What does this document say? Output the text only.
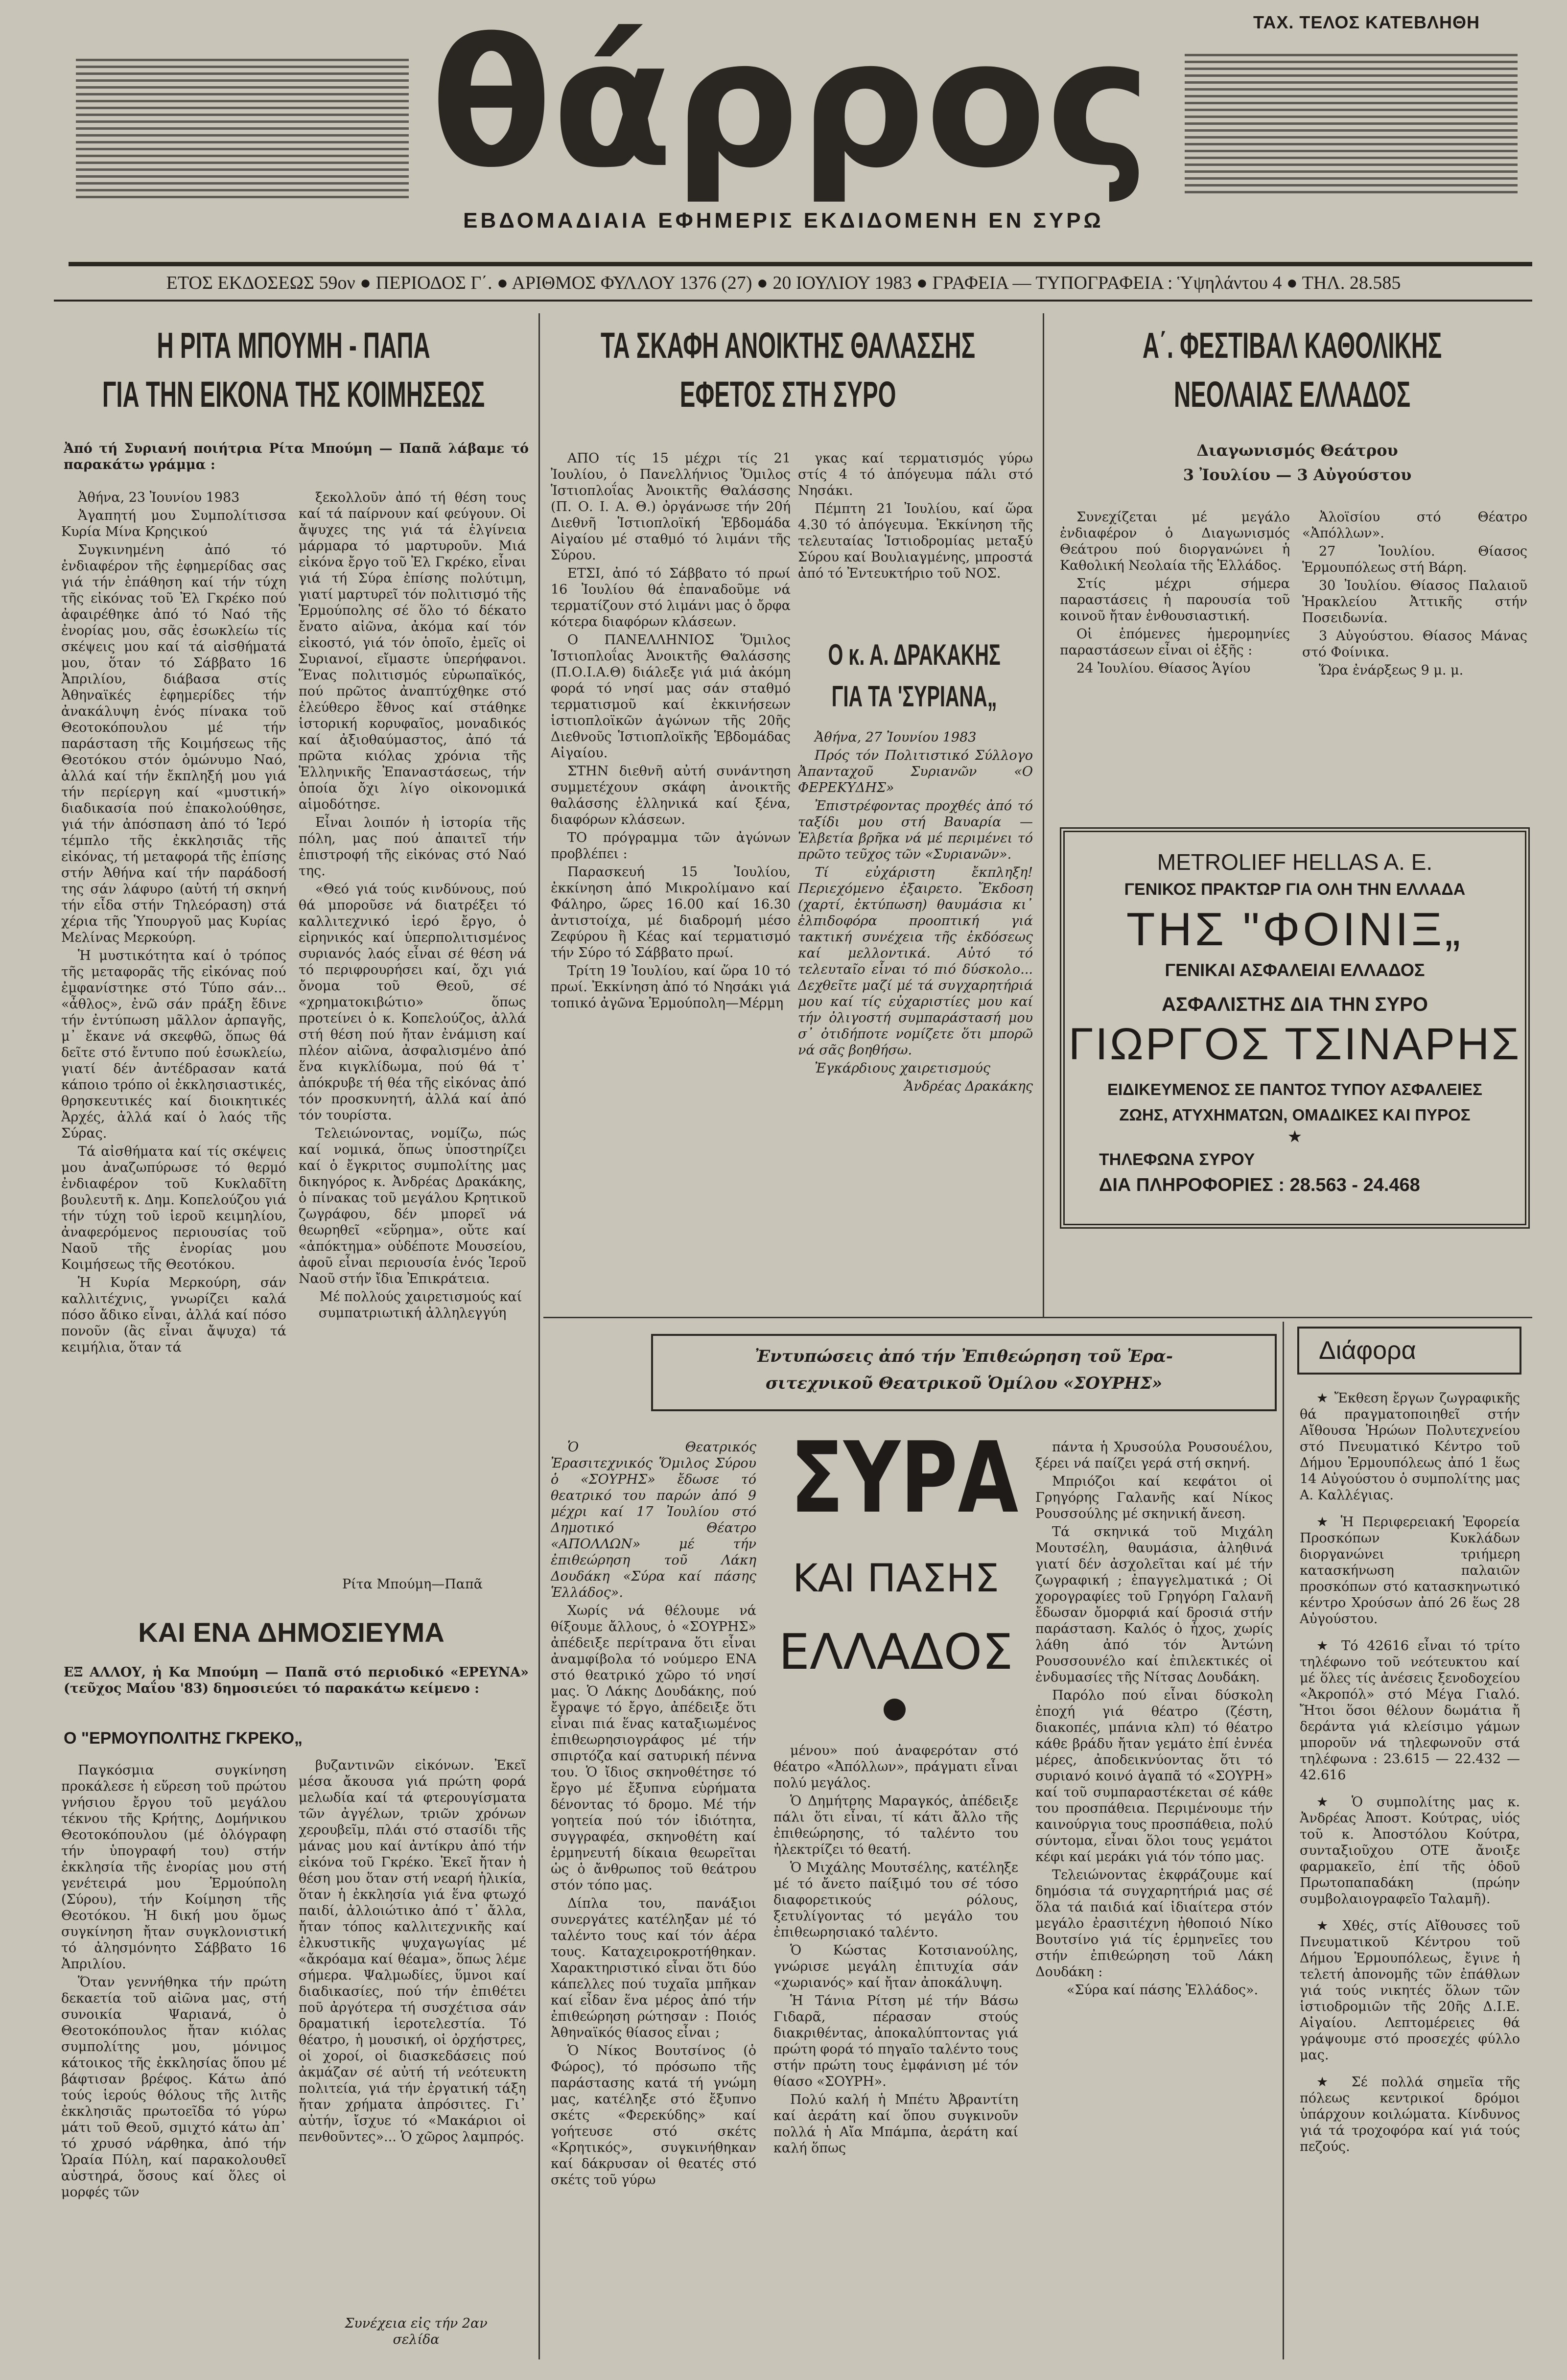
ΤΑΧ. ΤΕΛΟΣ ΚΑΤΕΒΛΗΘΗ
θάρρος
ΕΒΔΟΜΑΔΙΑΙΑ ΕΦΗΜΕΡΙΣ ΕΚΔΙΔΟΜΕΝΗ ΕΝ ΣΥΡΩ
ΕΤΟΣ ΕΚΔΟΣΕΩΣ 59ον ● ΠΕΡΙΟΔΟΣ Γ΄. ● ΑΡΙΘΜΟΣ ΦΥΛΛΟΥ 1376 (27) ● 20 ΙΟΥΛΙΟΥ 1983 ● ΓΡΑΦΕΙΑ — ΤΥΠΟΓΡΑΦΕΙΑ : Ὑψηλάντου 4 ● ΤΗΛ. 28.585
Η ΡΙΤΑ ΜΠΟΥΜΗ - ΠΑΠΑ
ΓΙΑ ΤΗΝ ΕΙΚΟΝΑ ΤΗΣ ΚΟΙΜΗΣΕΩΣ
Ἀπό τή Συριανή ποιήτρια Ρίτα Μπούμη — Παπᾶ λάβαμε τό παρακάτω γράμμα :

Ἀθήνα, 23 Ἰουνίου 1983

Ἀγαπητή μου Συμπολίτισσα Κυρία Μίνα Κρηςικού

Συγκινημένη ἀπό τό ἐνδιαφέρον τῆς ἐφημερίδας σας γιά τήν ἐπάθηση καί τήν τύχη τῆς εἰκόνας τοῦ Ἐλ Γκρέκο πού ἀφαιρέθηκε ἀπό τό Ναό τῆς ἐνορίας μου, σᾶς ἐσωκλείω τίς σκέψεις μου καί τά αἰσθήματά μου, ὅταν τό Σάββατο 16 Ἀπριλίου, διάβασα στίς Ἀθηναϊκές ἐφημερίδες τήν ἀνακάλυψη ἑνός πίνακα τοῦ Θεοτοκόπουλου μέ τήν παράσταση τῆς Κοιμήσεως τῆς Θεοτόκου στόν ὁμώνυμο Ναό, ἀλλά καί τήν ἔκπληξή μου γιά τήν περίεργη καί «μυστική» διαδικασία πού ἐπακολούθησε, γιά τήν ἀπόσπαση ἀπό τό Ἱερό τέμπλο τῆς ἐκκλησιᾶς τῆς εἰκόνας, τή μεταφορά τῆς ἐπίσης στήν Ἀθήνα καί τήν παράδοσή της σάν λάφυρο (αὐτή τή σκηνή τήν εἶδα στήν Τηλεόραση) στά χέρια τῆς Ὑπουργοῦ μας Κυρίας Μελίνας Μερκούρη.

Ἡ μυστικότητα καί ὁ τρόπος τῆς μεταφορᾶς τῆς εἰκόνας πού ἐμφανίστηκε στό Τύπο σάν... «ἆθλος», ἐνῶ σάν πράξη ἔδινε τήν ἐντύπωση μᾶλλον ἁρπαγῆς, μ᾽ ἔκανε νά σκεφθῶ, ὅπως θά δεῖτε στό ἔντυπο πού ἐσωκλείω, γιατί δέν ἀντέδρασαν κατά κάποιο τρόπο οἱ ἐκκλησιαστικές, θρησκευτικές καί διοικητικές Ἀρχές, ἀλλά καί ὁ λαός τῆς Σύρας.

Τά αἰσθήματα καί τίς σκέψεις μου ἀναζωπύρωσε τό θερμό ἐνδιαφέρον τοῦ Κυκλαδῖτη βουλευτῆ κ. Δημ. Κοπελούζου γιά τήν τύχη τοῦ ἱεροῦ κειμηλίου, ἀναφερόμενος περιουσίας τοῦ Ναοῦ τῆς ἐνορίας μου Κοιμήσεως τῆς Θεοτόκου.

Ἡ Κυρία Μερκούρη, σάν καλλιτέχνις, γνωρίζει καλά πόσο ἄδικο εἶναι, ἀλλά καί πόσο πονοῦν (ἂς εἶναι ἄψυχα) τά κειμήλια, ὅταν τά

ξεκολλοῦν ἀπό τή θέση τους καί τά παίρνουν καί φεύγουν. Οἱ ἄψυχες της γιά τά ἐλγίνεια μάρμαρα τό μαρτυροῦν. Μιά εἰκόνα ἔργο τοῦ Ἐλ Γκρέκο, εἶναι γιά τή Σύρα ἐπίσης πολύτιμη, γιατί μαρτυρεῖ τόν πολιτισμό τῆς Ἑρμούπολης σέ ὅλο τό δέκατο ἔνατο αἰῶνα, ἀκόμα καί τόν εἰκοστό, γιά τόν ὁποῖο, ἐμεῖς οἱ Συριανοί, εἴμαστε ὑπερήφανοι. Ἕνας πολιτισμός εὐρωπαϊκός, πού πρῶτος ἀναπτύχθηκε στό ἐλεύθερο ἔθνος καί στάθηκε ἱστορική κορυφαῖος, μοναδικός καί ἀξιοθαύμαστος, ἀπό τά πρῶτα κιόλας χρόνια τῆς Ἑλληνικῆς Ἐπαναστάσεως, τήν ὁποία ὄχι λίγο οἰκονομικά αἱμοδότησε.

Εἶναι λοιπόν ἡ ἱστορία τῆς πόλη, μας πού ἀπαιτεῖ τήν ἐπιστροφή τῆς εἰκόνας στό Ναό της.

«Θεό γιά τούς κινδύνους, πού θά μποροῦσε νά διατρέξει τό καλλιτεχνικό ἱερό ἔργο, ὁ εἰρηνικός καί ὑπερπολιτισμένος συριανός λαός εἶναι σέ θέση νά τό περιφρουρήσει καί, ὄχι γιά ὄνομα τοῦ Θεοῦ, σέ «χρηματοκιβώτιο» ὅπως προτείνει ὁ κ. Κοπελούζος, ἀλλά στή θέση πού ἤταν ἐνάμιση καί πλέον αἰῶνα, ἀσφαλισμένο ἀπό ἕνα κιγκλίδωμα, πού θά τ᾽ ἀπόκρυβε τή θέα τῆς εἰκόνας ἀπό τόν προσκυνητή, ἀλλά καί ἀπό τόν τουρίστα.

Τελειώνοντας, νομίζω, πώς καί νομικά, ὅπως ὑποστηρίζει καί ὁ ἔγκριτος συμπολίτης μας δικηγόρος κ. Ἀνδρέας Δρακάκης, ὁ πίνακας τοῦ μεγάλου Κρητικοῦ ζωγράφου, δέν μπορεῖ νά θεωρηθεῖ «εὕρημα», οὔτε καί «ἀπόκτημα» οὐδέποτε Μουσείου, ἀφοῦ εἶναι περιουσία ἑνός Ἱεροῦ Ναοῦ στήν ἴδια Ἐπικράτεια.

Μέ πολλούς χαιρετισμούς καί συμπατριωτική ἀλληλεγγύη

Ρίτα Μπούμη—Παπᾶ
ΚΑΙ ΕΝΑ ΔΗΜΟΣΙΕΥΜΑ
ΕΞ ΑΛΛΟΥ, ἡ Κα Μπούμη — Παπᾶ στό περιοδικό «ΕΡΕΥΝΑ» (τεῦχος Μαΐου '83) δημοσιεύει τό παρακάτω κείμενο :
Ο "ΕΡΜΟΥΠΟΛΙΤΗΣ ΓΚΡΕΚΟ„

Παγκόσμια συγκίνηση προκάλεσε ἡ εὕρεση τοῦ πρώτου γνήσιου ἔργου τοῦ μεγάλου τέκνου τῆς Κρήτης, Δομήνικου Θεοτοκόπουλου (μέ ὁλόγραφη τήν ὑπογραφή του) στήν ἐκκλησία τῆς ἐνορίας μου στή γενέτειρά μου Ἑρμούπολη (Σύρου), τήν Κοίμηση τῆς Θεοτόκου. Ἡ δική μου ὅμως συγκίνηση ἤταν συγκλονιστική τό ἀλησμόνητο Σάββατο 16 Ἀπριλίου.

Ὅταν γεννήθηκα τήν πρώτη δεκαετία τοῦ αἰῶνα μας, στή συνοικία Ψαριανά, ὁ Θεοτοκόπουλος ἤταν κιόλας συμπολίτης μου, μόνιμος κάτοικος τῆς ἐκκλησίας ὅπου μέ βάφτισαν βρέφος. Κάτω ἀπό τούς ἱερούς θόλους τῆς λιτῆς ἐκκλησιᾶς πρωτοεῖδα τό γύρω μάτι τοῦ Θεοῦ, σμιχτό κάτω ἀπ᾽ τό χρυσό νάρθηκα, ἀπό τήν Ὡραία Πύλη, καί παρακολουθεῖ αὐστηρά, ὅσους καί ὅλες οἱ μορφές τῶν

βυζαντινῶν εἰκόνων. Ἐκεῖ μέσα ἄκουσα γιά πρώτη φορά μελωδία καί τά φτερουγίσματα τῶν ἀγγέλων, τριῶν χρόνων χερουβεῖμ, πλάι στό στασίδι τῆς μάνας μου καί ἀντίκρυ ἀπό τήν εἰκόνα τοῦ Γκρέκο. Ἐκεῖ ἤταν ἡ θέση μου ὅταν στή νεαρή ἡλικία, ὅταν ἡ ἐκκλησία γιά ἕνα φτωχό παιδί, ἀλλοιώτικο ἀπό τ᾽ ἄλλα, ἤταν τόπος καλλιτεχνικῆς καί ἐλκυστικῆς ψυχαγωγίας μέ «ἄκρόαμα καί θέαμα», ὅπως λέμε σήμερα. Ψαλμωδίες, ὕμνοι καί διαδικασίες, πού τήν ἐπιθέτει ποῦ ἀργότερα τή συσχέτισα σάν δραματική ἱεροτελεστία. Τό θέατρο, ἡ μουσική, οἱ ὀρχήστρες, οἱ χοροί, οἱ διασκεδάσεις πού ἀκμάζαν σέ αὐτή τή νεότευκτη πολιτεία, γιά τήν ἐργατική τάξη ἤταν χρήματα ἀπρόσιτες. Γι᾽ αὐτήν, ἴσχυε τό «Μακάριοι οἱ πενθοῦντες»... Ὁ χῶρος λαμπρός.

Συνέχεια εἰς τήν 2αν σελίδα
ΤΑ ΣΚΑΦΗ ΑΝΟΙΚΤΗΣ ΘΑΛΑΣΣΗΣ
ΕΦΕΤΟΣ ΣΤΗ ΣΥΡΟ

ΑΠΟ τίς 15 μέχρι τίς 21 Ἰουλίου, ὁ Πανελλήνιος Ὅμιλος Ἱστιοπλοΐας Ἀνοικτῆς Θαλάσσης (Π. Ο. Ι. Α. Θ.) ὀργάνωσε τήν 20ή Διεθνῆ Ἱστιοπλοϊκή Ἑβδομάδα Αἰγαίου μέ σταθμό τό λιμάνι τῆς Σύρου.

ΕΤΣΙ, ἀπό τό Σάββατο τό πρωί 16 Ἰουλίου θά ἐπαναδοῦμε νά τερματίζουν στό λιμάνι μας ὁ ὄρφα κότερα διαφόρων κλάσεων.

Ο ΠΑΝΕΛΛΗΝΙΟΣ Ὅμιλος Ἱστιοπλοΐας Ἀνοικτῆς Θαλάσσης (Π.Ο.Ι.Α.Θ) διάλεξε γιά μιά ἀκόμη φορά τό νησί μας σάν σταθμό τερματισμοῦ καί ἐκκινήσεων ἱστιοπλοϊκῶν ἀγώνων τῆς 20ῆς Διεθνοῦς Ἱστιοπλοϊκῆς Ἑβδομάδας Αἰγαίου.

ΣΤΗΝ διεθνῆ αὐτή συνάντηση συμμετέχουν σκάφη ἀνοικτῆς θαλάσσης ἑλληνικά καί ξένα, διαφόρων κλάσεων.

ΤΟ πρόγραμμα τῶν ἀγώνων προβλέπει :

Παρασκευή 15 Ἰουλίου, ἐκκίνηση ἀπό Μικρολίμανο καί Φάληρο, ὥρες 16.00 καί 16.30 ἀντιστοίχα, μέ διαδρομή μέσο Ζεφύρου ἢ Κέας καί τερματισμό τήν Σύρο τό Σάββατο πρωί.

Τρίτη 19 Ἰουλίου, καί ὥρα 10 τό πρωί. Ἐκκίνηση ἀπό τό Νησάκι γιά τοπικό ἀγῶνα Ἑρμούπολη—Μέρμη

γκας καί τερματισμός γύρω στίς 4 τό ἀπόγευμα πάλι στό Νησάκι.

Πέμπτη 21 Ἰουλίου, καί ὥρα 4.30 τό ἀπόγευμα. Ἐκκίνηση τῆς τελευταίας Ἱστιοδρομίας μεταξύ Σύρου καί Βουλιαγμένης, μπροστά ἀπό τό Ἐντευκτήριο τοῦ ΝΟΣ.

Ο κ. Α. ΔΡΑΚΑΚΗΣ
ΓΙΑ ΤΑ 'ΣΥΡΙΑΝΑ„

Ἀθήνα, 27 Ἰουνίου 1983

Πρός τόν Πολιτιστικό Σύλλογο Ἀπανταχοῦ Συριανῶν «Ο ΦΕΡΕΚΥΔΗΣ»

Ἐπιστρέφοντας προχθές ἀπό τό ταξίδι μου στή Βαυαρία — Ἑλβετία βρῆκα νά μέ περιμένει τό πρῶτο τεῦχος τῶν «Συριανῶν».

Τί εὐχάριστη ἔκπληξη! Περιεχόμενο ἐξαιρετο. Ἔκδοση (χαρτί, ἐκτύπωση) θαυμάσια κι᾽ ἐλπιδοφόρα προοπτική γιά τακτική συνέχεια τῆς ἐκδόσεως καί μελλοντικά. Αὐτό τό τελευταῖο εἶναι τό πιό δύσκολο... Δεχθεῖτε μαζί μέ τά συγχαρητήριά μου καί τίς εὐχαριστίες μου καί τήν ὀλιγοστή συμπαράστασή μου σ᾽ ὀτιδήποτε νομίζετε ὅτι μπορῶ νά σᾶς βοηθήσω.

Ἐγκάρδιους χαιρετισμούς

Ἀνδρέας Δρακάκης

Α΄. ΦΕΣΤΙΒΑΛ ΚΑΘΟΛΙΚΗΣ
ΝΕΟΛΑΙΑΣ ΕΛΛΑΔΟΣ
Διαγωνισμός Θεάτρου
3 Ἰουλίου — 3 Αὐγούστου

Συνεχίζεται μέ μεγάλο ἐνδιαφέρον ὁ Διαγωνισμός Θεάτρου πού διοργανώνει ἡ Καθολική Νεολαία τῆς Ἑλλάδος.

Στίς μέχρι σήμερα παραστάσεις ἡ παρουσία τοῦ κοινοῦ ἤταν ἐνθουσιαστική.

Οἱ ἑπόμενες ἡμερομηνίες παραστάσεων εἶναι οἱ ἑξῆς :

24 Ἰουλίου. Θίασος Ἁγίου

Ἀλοϊσίου στό Θέατρο «Ἀπόλλων».

27 Ἰουλίου. Θίασος Ἑρμουπόλεως στή Βάρη.

30 Ἰουλίου. Θίασος Παλαιοῦ Ἡρακλείου Ἀττικῆς στήν Ποσειδωνία.

3 Αὐγούστου. Θίασος Μάνας στό Φοίνικα.

Ὥρα ἐνάρξεως 9 μ. μ.

METROLIEF HELLAS A. E.
ΓΕΝΙΚΟΣ ΠΡΑΚΤΩΡ ΓΙΑ ΟΛΗ ΤΗΝ ΕΛΛΑΔΑ
ΤΗΣ "ΦΟΙΝΙΞ„
ΓΕΝΙΚΑΙ ΑΣΦΑΛΕΙΑΙ ΕΛΛΑΔΟΣ
ΑΣΦΑΛΙΣΤΗΣ ΔΙΑ ΤΗΝ ΣΥΡΟ
ΓΙΩΡΓΟΣ ΤΣΙΝΑΡΗΣ
ΕΙΔΙΚΕΥΜΕΝΟΣ ΣΕ ΠΑΝΤΟΣ ΤΥΠΟΥ ΑΣΦΑΛΕΙΕΣ
ΖΩΗΣ, ΑΤΥΧΗΜΑΤΩΝ, ΟΜΑΔΙΚΕΣ ΚΑΙ ΠΥΡΟΣ
★
ΤΗΛΕΦΩΝΑ ΣΥΡΟΥ
ΔΙΑ ΠΛΗΡΟΦΟΡΙΕΣ : 28.563 - 24.468
Ἐντυπώσεις ἀπό τήν Ἐπιθεώρηση τοῦ Ἐρα-
σιτεχνικοῦ Θεατρικοῦ Ὁμίλου «ΣΟΥΡΗΣ»
ΣΥΡΑ
ΚΑΙ ΠΑΣΗΣ
ΕΛΛΑΔΟΣ

Ὁ Θεατρικός Ἐρασιτεχνικός Ὅμιλος Σύρου ὁ «ΣΟΥΡΗΣ» ἔδωσε τό θεατρικό του παρών ἀπό 9 μέχρι καί 17 Ἰουλίου στό Δημοτικό Θέατρο «ΑΠΟΛΛΩΝ» μέ τήν ἐπιθεώρηση τοῦ Λάκη Δουδάκη «Σύρα καί πάσης Ἑλλάδος».

Χωρίς νά θέλουμε νά θίξουμε ἄλλους, ὁ «ΣΟΥΡΗΣ» ἀπέδειξε περίτρανα ὅτι εἶναι ἀναμφίβολα τό νούμερο ΕΝΑ στό θεατρικό χῶρο τό νησί μας. Ὁ Λάκης Δουδάκης, πού ἔγραψε τό ἔργο, ἀπέδειξε ὅτι εἶναι πιά ἕνας καταξιωμένος ἐπιθεωρησιογράφος μέ τήν σπιρτόζα καί σατυρική πέννα του. Ὁ ἴδιος σκηνοθέτησε τό ἔργο μέ ἔξυπνα εὑρήματα δένοντας τό δρομο. Μέ τήν γοητεία πού τόν ἰδιότητα, συγγραφέα, σκηνοθέτη καί ἑρμηνευτή δίκαια θεωρεῖται ὡς ὁ ἄνθρωπος τοῦ θεάτρου στόν τόπο μας.

Δίπλα του, πανάξιοι συνεργάτες κατέληξαν μέ τό ταλέντο τους καί τόν ἀέρα τους. Καταχειροκροτήθηκαν. Χαρακτηριστικό εἶναι ὅτι δύο κάπελλες πού τυχαῖα μπῆκαν καί εἶδαν ἕνα μέρος ἀπό τήν ἐπιθεώρηση ρώτησαν : Ποιός Ἀθηναϊκός θίασος εἶναι ;

Ὁ Νίκος Βουτσίνος (ὁ Φώρος), τό πρόσωπο τῆς παράστασης κατά τή γνώμη μας, κατέληξε στό ἔξυπνο σκέτς «Φερεκύδης» καί γοήτευσε στό σκέτς «Κρητικός», συγκινήθηκαν καί δάκρυσαν οἱ θεατές στό σκέτς τοῦ γύρω

μένου» πού ἀναφερόταν στό θέατρο «Ἀπόλλων», πράγματι εἶναι πολύ μεγάλος.

Ὁ Δημήτρης Μαραγκός, ἀπέδειξε πάλι ὅτι εἶναι, τί κάτι ἄλλο τῆς ἐπιθεώρησης, τό ταλέντο του ἠλεκτρίζει τό θεατή.

Ὁ Μιχάλης Μουτσέλης, κατέληξε μέ τό ἄνετο παίξιμό του σέ τόσο διαφορετικούς ρόλους, ξετυλίγοντας τό μεγάλο του ἐπιθεωρησιακό ταλέντο.

Ὁ Κώστας Κοτσιανούλης, γνώρισε μεγάλη ἐπιτυχία σάν «χωριανός» καί ἤταν ἀποκάλυψη.

Ἡ Τάνια Ρίτση μέ τήν Βάσω Γιδαρᾶ, πέρασαν στούς διακριθέντας, ἀποκαλύπτοντας γιά πρώτη φορά τό πηγαῖο ταλέντο τους στήν πρώτη τους ἐμφάνιση μέ τόν θίασο «ΣΟΥΡΗ».

Πολύ καλή ἡ Μπέτυ Ἀβραντίτη καί ἀεράτη καί ὅπου συγκινοῦν πολλά ἡ Αἴα Μπάμπα, ἀεράτη καί καλή ὅπως

πάντα ἡ Χρυσούλα Ρουσουέλου, ξέρει νά παίζει γερά στή σκηνή.

Μπριόζοι καί κεφάτοι οἱ Γρηγόρης Γαλανῆς καί Νίκος Ρουσσούλης μέ σκηνική ἄνεση.

Τά σκηνικά τοῦ Μιχάλη Μουτσέλη, θαυμάσια, ἀληθινά γιατί δέν ἀσχολεῖται καί μέ τήν ζωγραφική ; ἐπαγγελματικά ; Οἱ χορογραφίες τοῦ Γρηγόρη Γαλανῆ ἔδωσαν ὄμορφιά καί δροσιά στήν παράσταση. Καλός ὁ ἦχος, χωρίς λάθη ἀπό τόν Ἀντώνη Ρουσσουνέλο καί ἐπιλεκτικές οἱ ἐνδυμασίες τῆς Νίτσας Δουδάκη.

Παρόλο πού εἶναι δύσκολη ἐποχή γιά θέατρο (ζέστη, διακοπές, μπάνια κλπ) τό θέατρο κάθε βράδυ ἤταν γεμάτο ἐπί ἐννέα μέρες, ἀποδεικνύοντας ὅτι τό συριανό κοινό ἀγαπᾶ τό «ΣΟΥΡΗ» καί τοῦ συμπαραστέκεται σέ κάθε του προσπάθεια. Περιμένουμε τήν καινούργια τους προσπάθεια, πολύ σύντομα, εἶναι ὅλοι τους γεμάτοι κέφι καί μεράκι γιά τόν τόπο μας.

Τελειώνοντας ἐκφράζουμε καί δημόσια τά συγχαρητήριά μας σέ ὅλα τά παιδιά καί ἰδιαίτερα στόν μεγάλο ἐρασιτέχνη ἠθοποιό Νίκο Βουτσίνο γιά τίς ἑρμηνεῖες του στήν ἐπιθεώρηση τοῦ Λάκη Δουδάκη :

«Σύρα καί πάσης Ἑλλάδος».

Διάφορα

★ Ἔκθεση ἔργων ζωγραφικῆς θά πραγματοποιηθεῖ στήν Αἴθουσα Ἡρώων Πολυτεχνείου στό Πνευματικό Κέντρο τοῦ Δήμου Ἑρμουπόλεως ἀπό 1 ἕως 14 Αὐγούστου ὁ συμπολίτης μας Α. Καλλέγιας.

★ Ἡ Περιφερειακή Ἐφορεία Προσκόπων Κυκλάδων διοργανώνει τριήμερη κατασκήνωση παλαιῶν προσκόπων στό κατασκηνωτικό κέντρο Χρούσων ἀπό 26 ἕως 28 Αὐγούστου.

★ Τό 42616 εἶναι τό τρίτο τηλέφωνο τοῦ νεότευκτου καί μέ ὅλες τίς ἀνέσεις ξενοδοχείου «Ἀκροπόλ» στό Μέγα Γιαλό. Ἤτοι ὅσοι θέλουν δωμάτια ἤ δεράντα γιά κλείσιμο γάμων μποροῦν νά τηλεφωνοῦν στά τηλέφωνα : 23.615 — 22.432 — 42.616

★ Ὁ συμπολίτης μας κ. Ἀνδρέας Ἀποστ. Κούτρας, υἱός τοῦ κ. Ἀποστόλου Κούτρα, συνταξιοῦχου ΟΤΕ ἄνοιξε φαρμακεῖο, ἐπί τῆς ὁδοῦ Πρωτοπαπαδάκη (πρώην συμβολαιογραφεῖο Ταλαμῆ).

★ Χθές, στίς Αἴθουσες τοῦ Πνευματικοῦ Κέντρου τοῦ Δήμου Ἑρμουπόλεως, ἔγινε ἡ τελετή ἀπονομῆς τῶν ἐπάθλων γιά τούς νικητές ὅλων τῶν ἱστιοδρομιῶν τῆς 20ῆς Δ.Ι.Ε. Αἰγαίου. Λεπτομέρειες θά γράψουμε στό προσεχές φύλλο μας.

★ Σέ πολλά σημεῖα τῆς πόλεως κεντρικοί δρόμοι ὑπάρχουν κοιλώματα. Κίνδυνος γιά τά τροχοφόρα καί γιά τούς πεζούς.
